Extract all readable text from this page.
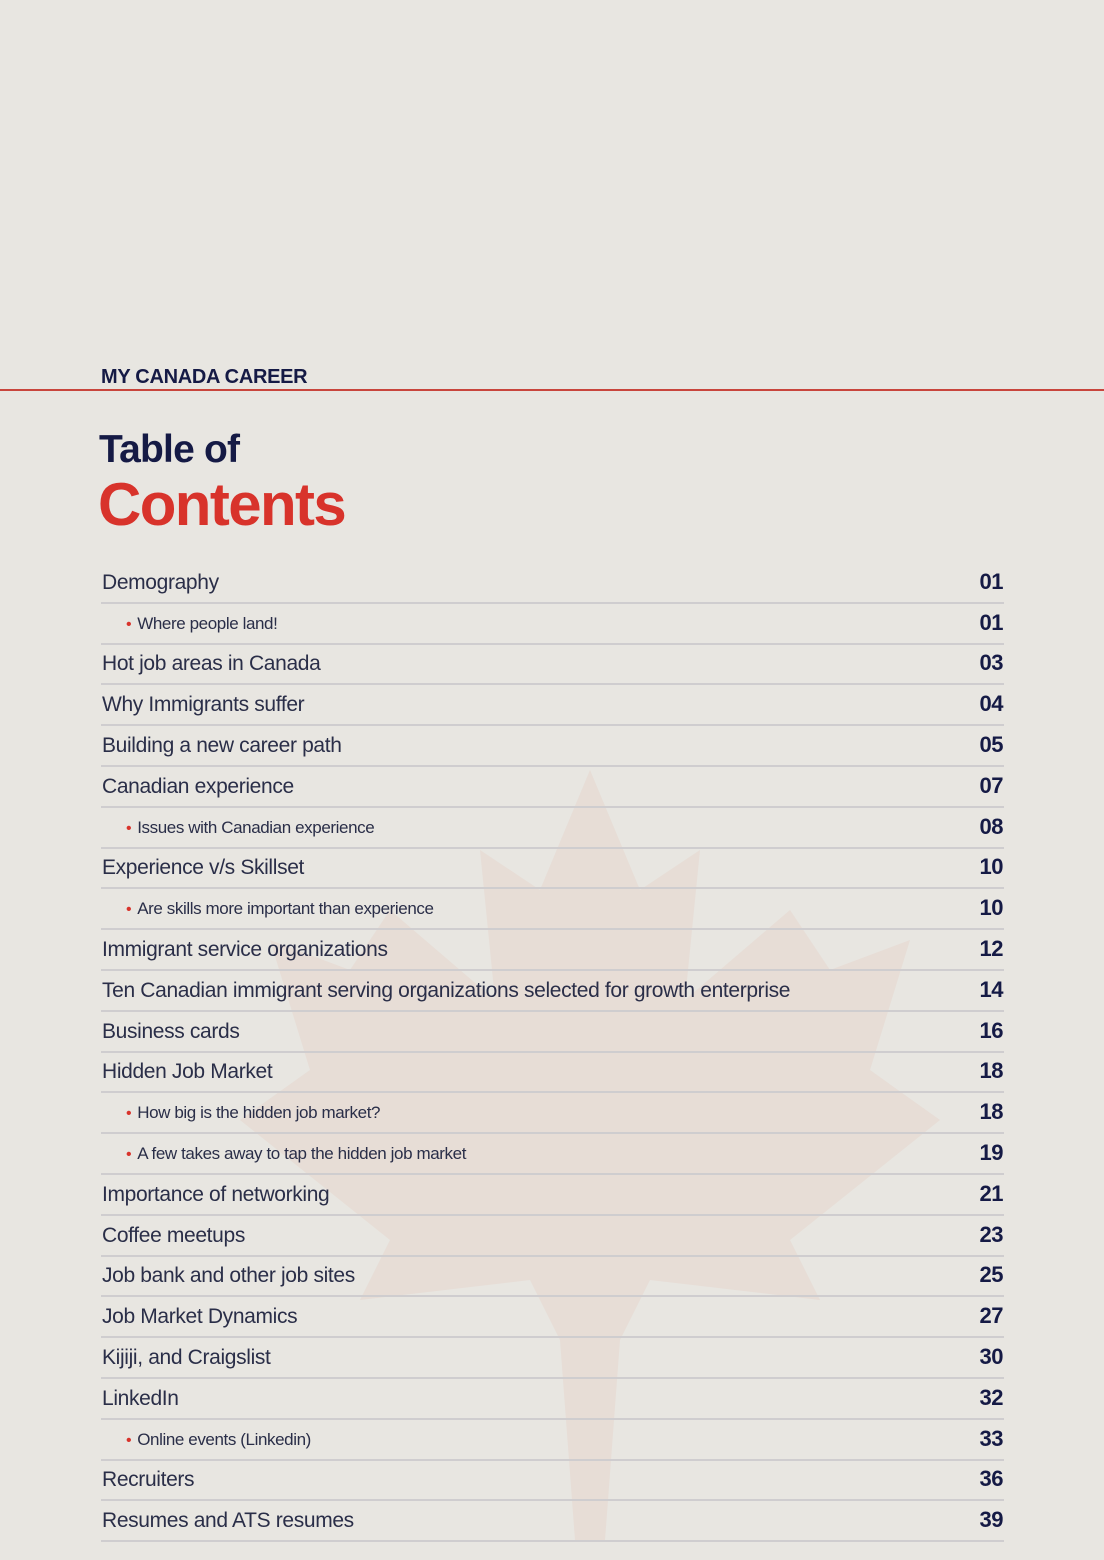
MY CANADA CAREER
Table of
Contents
Demography	01
• Where peoplе land!	01
Hot job areas in Canada	03
Why Immigrants suffer	04
Building a new career path	05
Canadian experience	07
• Issues with Canadian experience	08
Experience v/s Skillset	10
• Are skills more important than experience	10
Immigrant service organizations	12
Ten Canadian immigrant serving organizations selected for growth enterprise	14
Business cards	16
Hidden Job Market	18
• How big is the hidden job market?	18
• A few takes away to tap the hidden job market	19
Importance of networking	21
Coffee meetups	23
Job bank and other job sites	25
Job Market Dynamics	27
Kijiji, and Craigslist	30
LinkedIn	32
• Online events (Linkedin)	33
Recruiters	36
Resumes and ATS resumes	39
